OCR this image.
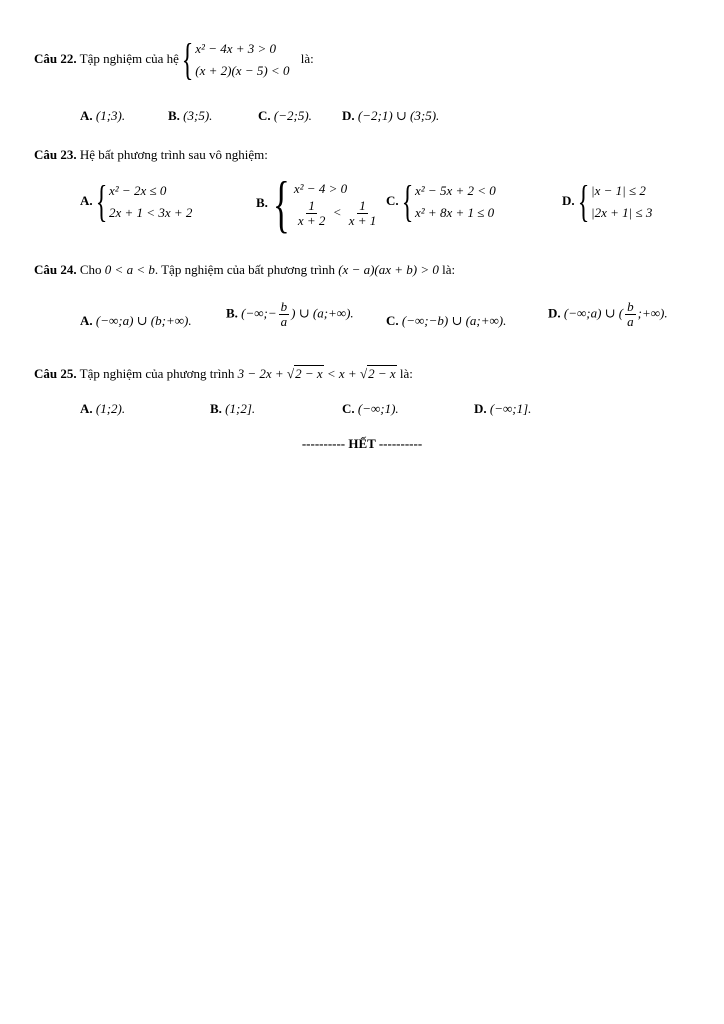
Câu 22. Tập nghiệm của hệ { x² − 4x + 3 > 0
(x + 2)(x − 5) < 0
là:
A. (1;3).	B. (3;5).	C. (−2;5). D. (−2;1) ∪ (3;5).
Câu 23. Hệ bất phương trình sau vô nghiệm:
A. { x² − 2x ≤ 0
2x + 1 < 3x + 2
B. { x² − 4 > 0
$\frac{1}{x + 2} < \frac{1}{x + 1} C$. { x² − 5x + 2 < 0
x² + 8x + 1 ≤ 0
D. { |x − 1| ≤ 2
|2x + 1| ≤ 3
Câu 24. Cho 0 < a < b. Tập nghiệm của bất phương trình (x − a)(ax + b) > 0 là:
A. (−∞;a) ∪ (b;+∞).
B. (−∞;− $\frac{b}{a}$ ) ∪ (a;+∞).
C. (−∞;−b) ∪ (a;+∞).
D. (−∞;a) ∪ ( $\frac{b}{a}$ ;+∞).
Câu 25. Tập nghiệm của phương trình 3 − 2x + √2 − x < x + √2 − x là:
A. (1;2).	B. (1;2].	C. (−∞;1).	D. (−∞;1].
---------- HẾT ----------
